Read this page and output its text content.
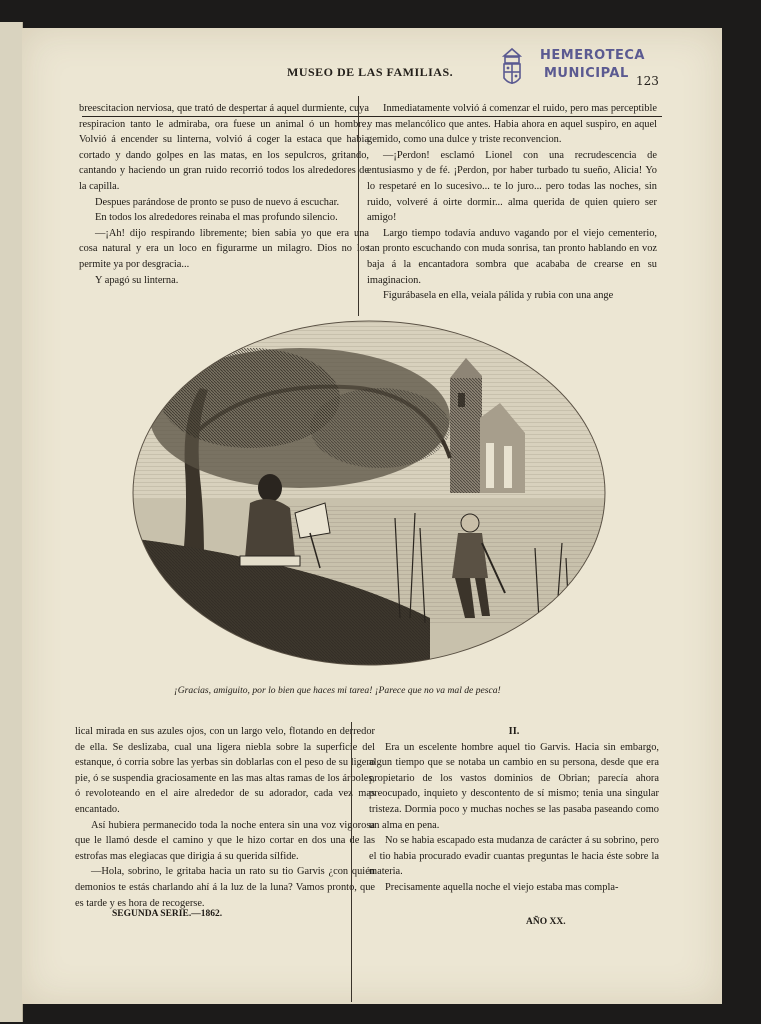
MUSEO DE LAS FAMILIAS.
123
HEMEROTECA
MUNICIPAL

breescitacion nerviosa, que trató de despertar á aquel durmiente, cuya respiracion tanto le admiraba, ora fuese un animal ó un hombre. Volvió á encender su linterna, volvió á coger la estaca que habia cortado y dando golpes en las matas, en los sepulcros, gritando, cantando y haciendo un gran ruido recorrió todos los alrededores de la capilla.

Despues parándose de pronto se puso de nuevo á escuchar.

En todos los alrededores reinaba el mas profundo silencio.

—¡Ah! dijo respirando libremente; bien sabia yo que era una cosa natural y era un loco en figurarme un milagro. Dios no los permite ya por desgracia...

Y apagó su linterna.

Inmediatamente volvió á comenzar el ruido, pero mas perceptible y mas melancólico que antes. Habia ahora en aquel suspiro, en aquel gemido, como una dulce y triste reconvencion.

—¡Perdon! esclamó Lionel con una recrudescencia de entusiasmo y de fé. ¡Perdon, por haber turbado tu sueño, Alicia! Yo lo respetaré en lo sucesivo... te lo juro... pero todas las noches, sin ruido, volveré á oirte dormir... alma querida de quien quiero ser amigo!

Largo tiempo todavía anduvo vagando por el viejo cementerio, tan pronto escuchando con muda sonrisa, tan pronto hablando en voz baja á la encantadora sombra que acababa de crearse en su imaginacion.

Figurábasela en ella, veiala pálida y rubia con una ange

¡Gracias, amiguito, por lo bien que haces mi tarea! ¡Parece que no va mal de pesca!

lical mirada en sus azules ojos, con un largo velo, flotando en derredor de ella. Se deslizaba, cual una ligera niebla sobre la superficie del estanque, ó corria sobre las yerbas sin doblarlas con el peso de su ligero pie, ó se suspendia graciosamente en las mas altas ramas de los árboles, ó revoloteando en el aire alrededor de su adorador, cada vez mas encantado.

Así hubiera permanecido toda la noche entera sin una voz vigorosa que le llamó desde el camino y que le hizo cortar en dos una de las estrofas mas elegiacas que dirigia á su querida sílfide.

—Hola, sobrino, le gritaba hacia un rato su tio Garvis ¿con quién demonios te estás charlando ahí á la luz de la luna? Vamos pronto, que es tarde y es hora de recogerse.

II.

Era un escelente hombre aquel tio Garvis. Hacia sin embargo, algun tiempo que se notaba un cambio en su persona, desde que era propietario de los vastos dominios de Obrian; parecía ahora preocupado, inquieto y descontento de sí mismo; tenia una singular tristeza. Dormia poco y muchas noches se las pasaba paseando como un alma en pena.

No se habia escapado esta mudanza de carácter á su sobrino, pero el tio habia procurado evadir cuantas preguntas le hacia éste sobre la materia.

Precisamente aquella noche el viejo estaba mas compla-

SEGUNDA SERIE.—1862.
AÑO XX.
